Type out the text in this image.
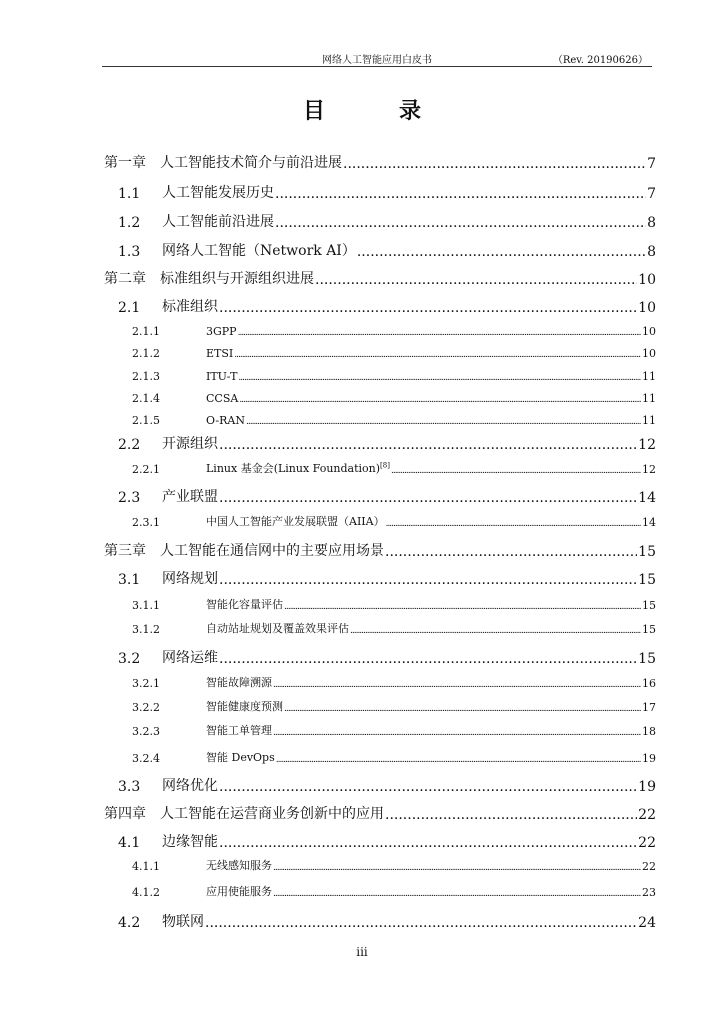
网络人工智能应用白皮书	（Rev. 20190626）
目　录
第一章	人工智能技术简介与前沿进展 .....	7
1.1	人工智能发展历史 .....	7
1.2	人工智能前沿进展 .....	8
1.3	网络人工智能（Network AI） .....	8
第二章	标准组织与开源组织进展 .....	10
2.1	标准组织 .....	10
2.1.1	3GPP .....	10
2.1.2	ETSI .....	10
2.1.3	ITU-T .....	11
2.1.4	CCSA .....	11
2.1.5	O-RAN .....	11
2.2	开源组织 .....	12
2.2.1	Linux 基金会(Linux Foundation)[8] .....	12
2.3	产业联盟 .....	14
2.3.1	中国人工智能产业发展联盟（AIIA） .....	14
第三章	人工智能在通信网中的主要应用场景 .....	15
3.1	网络规划 .....	15
3.1.1	智能化容量评估 .....	15
3.1.2	自动站址规划及覆盖效果评估 .....	15
3.2	网络运维 .....	15
3.2.1	智能故障溯源 .....	16
3.2.2	智能健康度预测 .....	17
3.2.3	智能工单管理 .....	18
3.2.4	智能 DevOps .....	19
3.3	网络优化 .....	19
第四章	人工智能在运营商业务创新中的应用 .....	22
4.1	边缘智能 .....	22
4.1.1	无线感知服务 .....	22
4.1.2	应用使能服务 .....	23
4.2	物联网 .....	24
iii
